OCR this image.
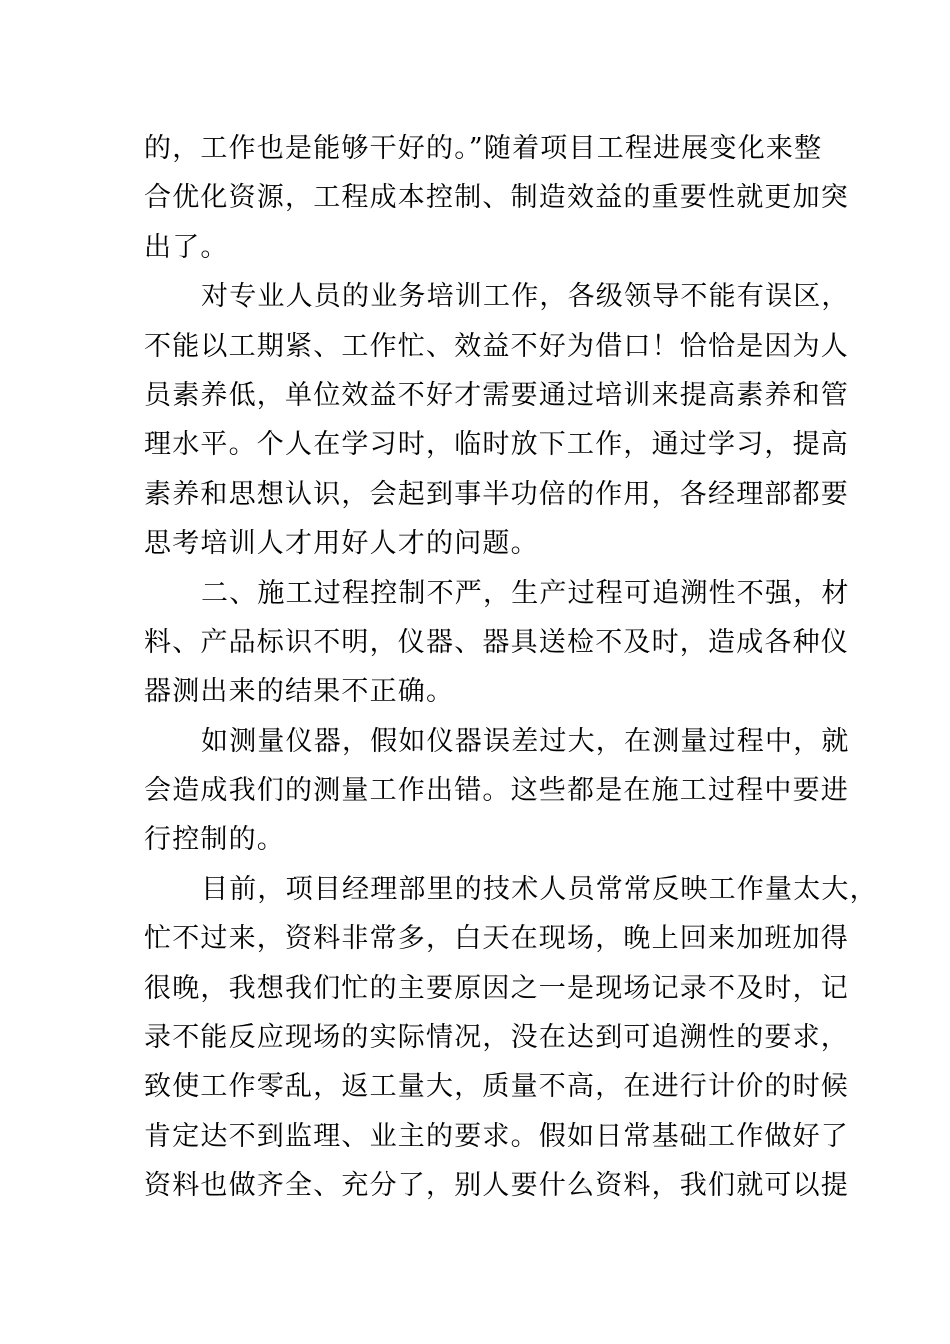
的，工作也是能够干好的。”随着项目工程进展变化来整
合优化资源，工程成本控制、制造效益的重要性就更加突
出了。
对专业人员的业务培训工作，各级领导不能有误区，
不能以工期紧、工作忙、效益不好为借口！恰恰是因为人
员素养低，单位效益不好才需要通过培训来提高素养和管
理水平。个人在学习时，临时放下工作，通过学习，提高
素养和思想认识，会起到事半功倍的作用，各经理部都要
思考培训人才用好人才的问题。
二、施工过程控制不严，生产过程可追溯性不强，材
料、产品标识不明，仪器、器具送检不及时，造成各种仪
器测出来的结果不正确。
如测量仪器，假如仪器误差过大，在测量过程中，就
会造成我们的测量工作出错。这些都是在施工过程中要进
行控制的。
目前，项目经理部里的技术人员常常反映工作量太大，
忙不过来，资料非常多，白天在现场，晚上回来加班加得
很晚，我想我们忙的主要原因之一是现场记录不及时，记
录不能反应现场的实际情况，没在达到可追溯性的要求，
致使工作零乱，返工量大，质量不高，在进行计价的时候
肯定达不到监理、业主的要求。假如日常基础工作做好了
资料也做齐全、充分了，别人要什么资料，我们就可以提
